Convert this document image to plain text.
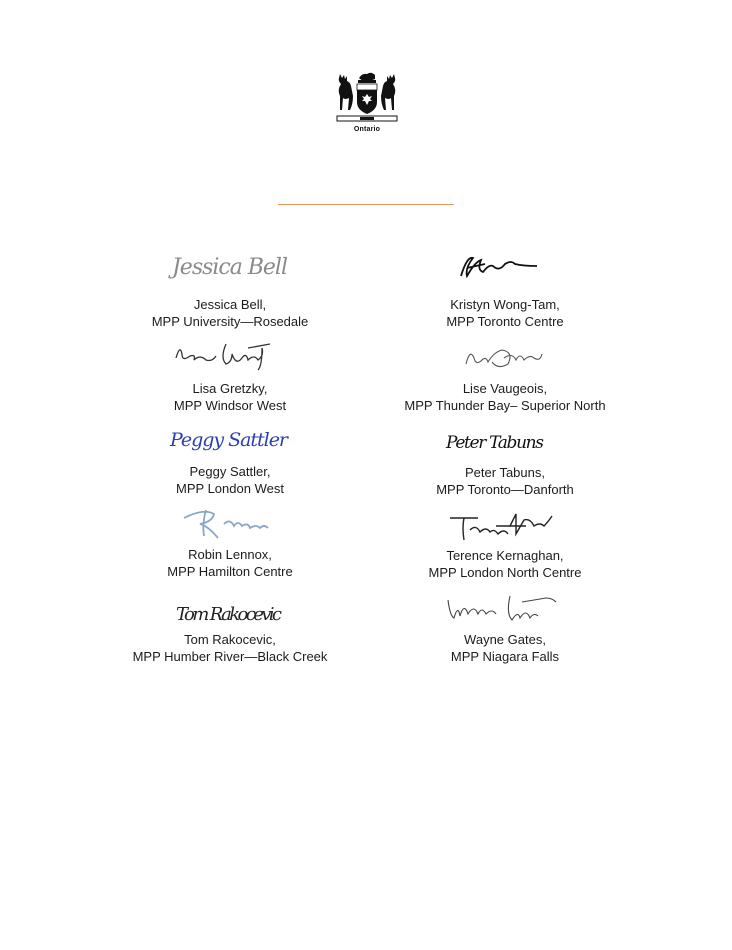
Ontario
Jessica Bell
Jessica Bell,
MPP University—Rosedale
Kristyn Wong-Tam,
MPP Toronto Centre
Lisa Gretzky,
MPP Windsor West
Lise Vaugeois,
MPP Thunder Bay– Superior North
Peggy Sattler
Peggy Sattler,
MPP London West
Peter Tabuns
Peter Tabuns,
MPP Toronto—Danforth
Robin Lennox,
MPP Hamilton Centre
Terence Kernaghan,
MPP London North Centre
Tom Rakocevic
Tom Rakocevic,
MPP Humber River—Black Creek
Wayne Gates,
MPP Niagara Falls
